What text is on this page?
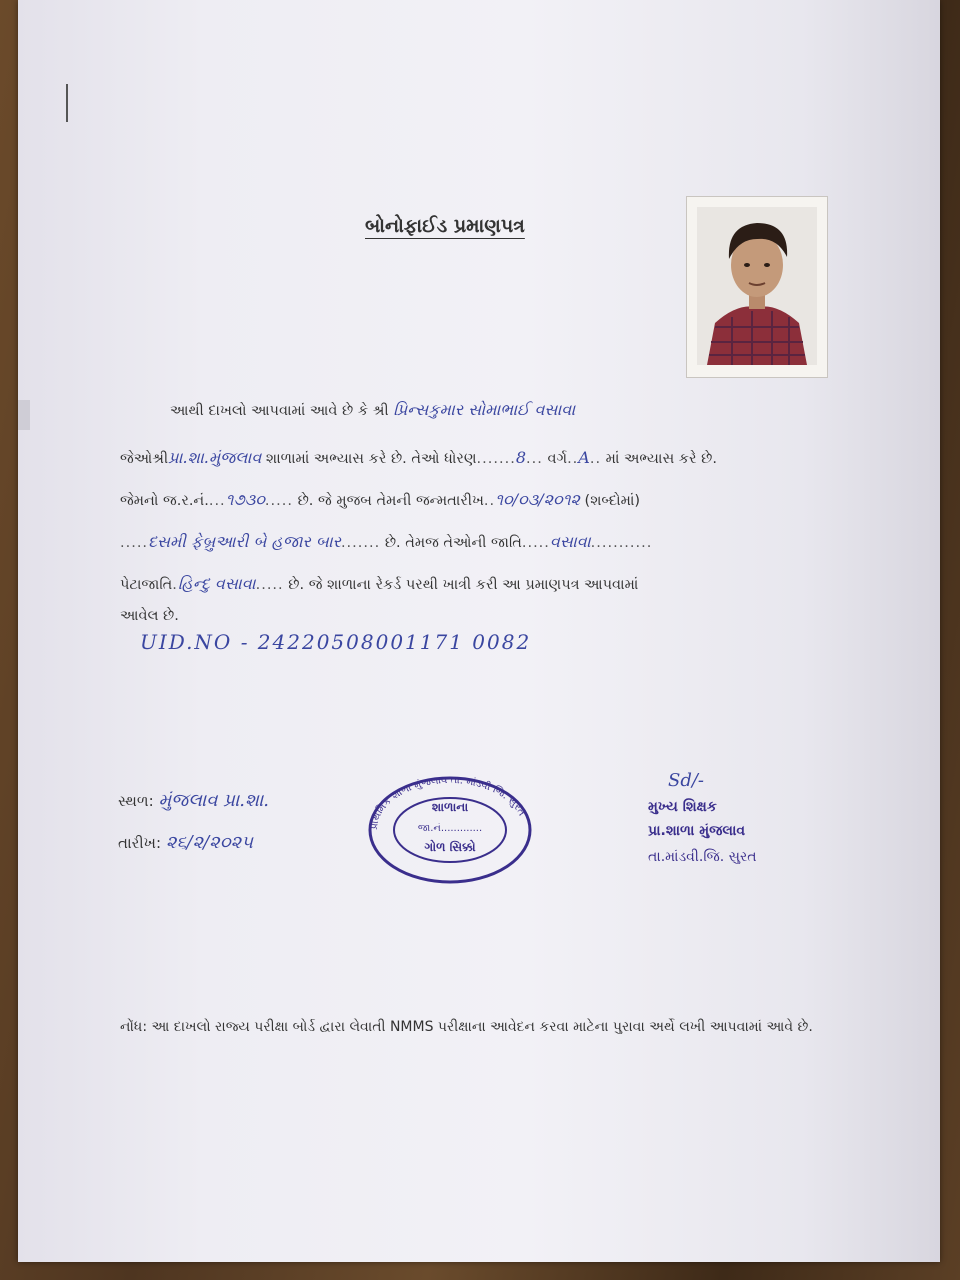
બોનોફાઈડ પ્રમાણપત્ર
આથી દાખલો આપવામાં આવે છે કે શ્રી પ્રિન્સકુમાર સોમાભાઈ વસાવા
જેઓશ્રીપ્રા.શા.મુંજલાવ શાળામાં અભ્યાસ કરે છે. તેઓ ધોરણ.......8... વર્ગ..A.. માં અભ્યાસ કરે છે.
જેમનો જ.ર.નં....૧૭૩૦..... છે. જે મુજબ તેમની જન્મતારીખ..૧૦/૦૩/૨૦૧૨ (શબ્દોમાં)
.....દસમી ફેબ્રુઆરી બે હજાર બાર....... છે. તેમજ તેઓની જાતિ.....વસાવા...........
પેટાજાતિ.હિન્દુ વસાવા..... છે. જે શાળાના રેકર્ડ પરથી ખાત્રી કરી આ પ્રમાણપત્ર આપવામાં
આવેલ છે.
UID.NO - 24220508001171 0082
સ્થળ: મુંજલાવ પ્રા.શા.
તારીખ: ૨૬/૨/૨૦૨૫
પ્રાથમિક શાળા મુંજલાવ તા. માંડવી જિ. સુરત
શાળાના
જા.નં.............
ગોળ સિક્કો
Sd/-
મુખ્ય શિક્ષક
પ્રા.શાળા મુંજલાવ
તા.માંડવી.જિ. સુરત
નોંધ: આ દાખલો રાજ્ય પરીક્ષા બોર્ડ દ્વારા લેવાતી NMMS પરીક્ષાના આવેદન કરવા માટેના પુરાવા અર્થે લખી આપવામાં આવે છે.
